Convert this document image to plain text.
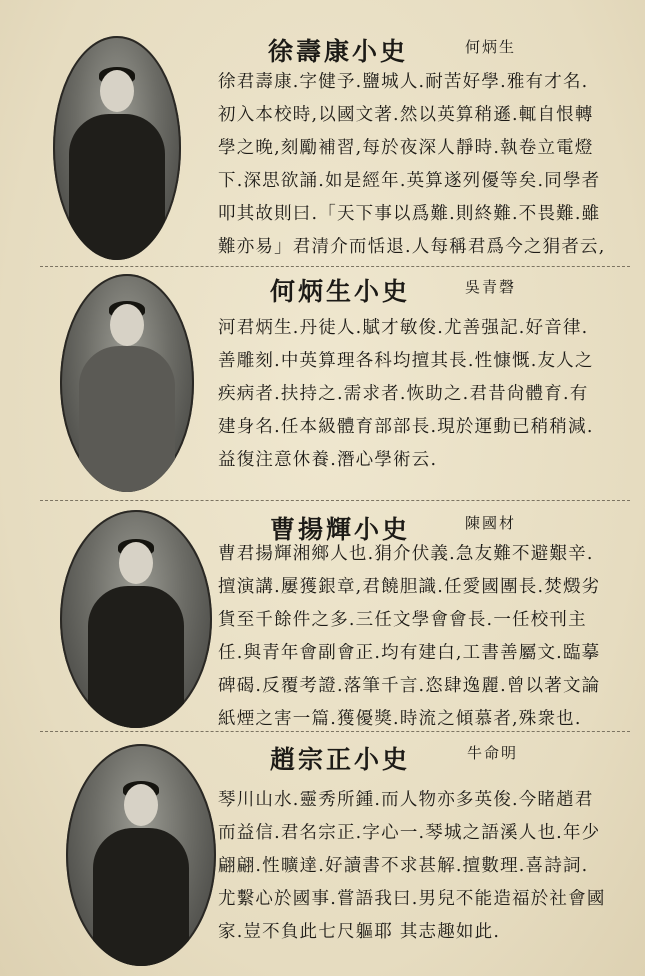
徐壽康小史	何炳生
徐君壽康.字健予.鹽城人.耐苦好學.雅有才名.
初入本校時,以國文著.然以英算稍遜.輒自恨轉
學之晚,刻勵補習,每於夜深人靜時.執卷立電燈
下.深思欲誦.如是經年.英算遂列優等矣.同學者
叩其故則曰.「天下事以爲難.則終難.不畏難.雖
難亦易」君清介而恬退.人每稱君爲今之狷者云,
何炳生小史	吳青磬
河君炳生.丹徒人.賦才敏俊.尤善强記.好音律.
善雕刻.中英算理各科均擅其長.性慷慨.友人之
疾病者.扶持之.需求者.恢助之.君昔尙體育.有
建身名.任本級體育部部長.現於運動已稍稍減.
益復注意休養.潛心學術云.
曹揚輝小史	陳國材
曹君揚輝湘鄉人也.狷介伏義.急友難不避艱辛.
擅演講.屢獲銀章,君饒胆識.任愛國團長.焚燬劣
貨至千餘件之多.三任文學會會長.一任校刊主
任.與青年會副會正.均有建白,工書善屬文.臨摹
碑碣.反覆考證.落筆千言.恣肆逸麗.曾以著文論
紙煙之害一篇.獲優獎.時流之傾慕者,殊衆也.
趙宗正小史	牛命明
琴川山水.靈秀所鍾.而人物亦多英俊.今睹趙君
而益信.君名宗正.字心一.琴城之語溪人也.年少
翩翩.性曠達.好讀書不求甚解.擅數理.喜詩詞.
尤繫心於國事.嘗語我曰.男兒不能造福於社會國
家.豈不負此七尺軀耶 其志趣如此.
